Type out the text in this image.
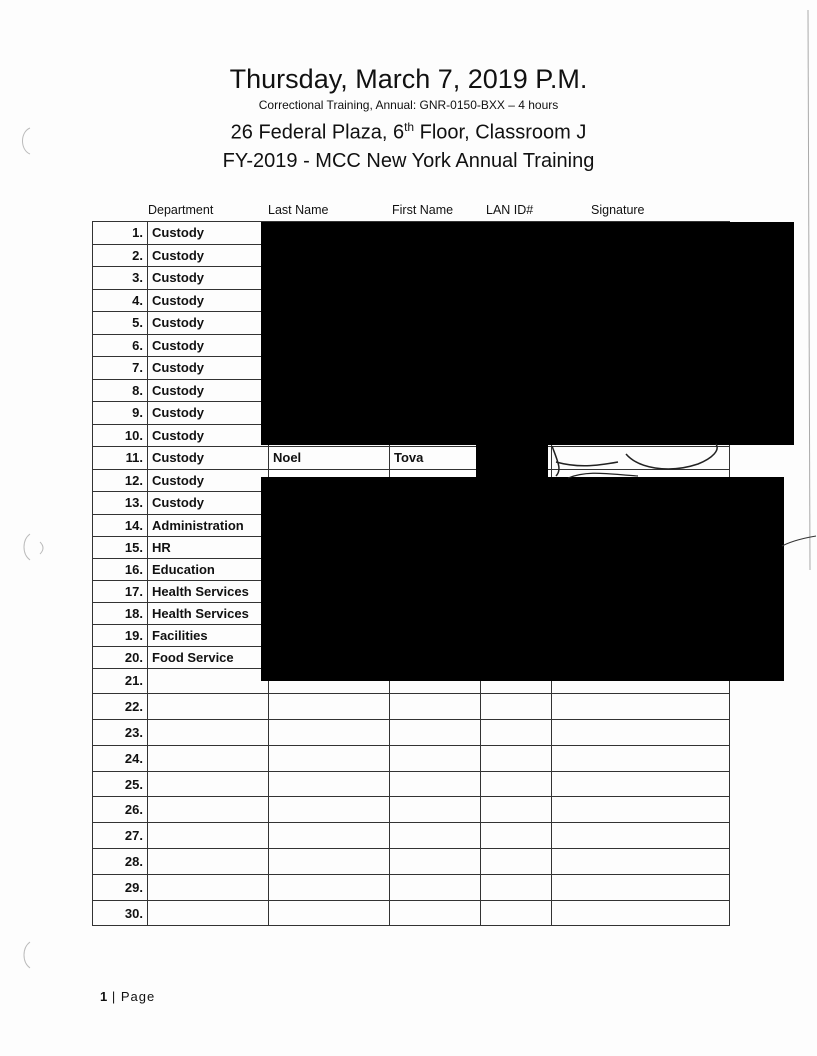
Thursday, March 7, 2019 P.M.
Correctional Training, Annual: GNR-0150-BXX – 4 hours
26 Federal Plaza, 6th Floor, Classroom J
FY-2019 - MCC New York Annual Training
Department	Last Name	First Name	LAN ID#	Signature
1.	Custody				
2.	Custody				
3.	Custody				
4.	Custody				
5.	Custody				
6.	Custody				
7.	Custody				
8.	Custody				
9.	Custody				
10.	Custody				
11.	Custody	Noel	Tova		
12.	Custody				
13.	Custody				
14.	Administration				
15.	HR				
16.	Education				
17.	Health Services				
18.	Health Services				
19.	Facilities				
20.	Food Service				
21.					
22.					
23.					
24.					
25.					
26.					
27.					
28.					
29.					
30.					
1 | Page
